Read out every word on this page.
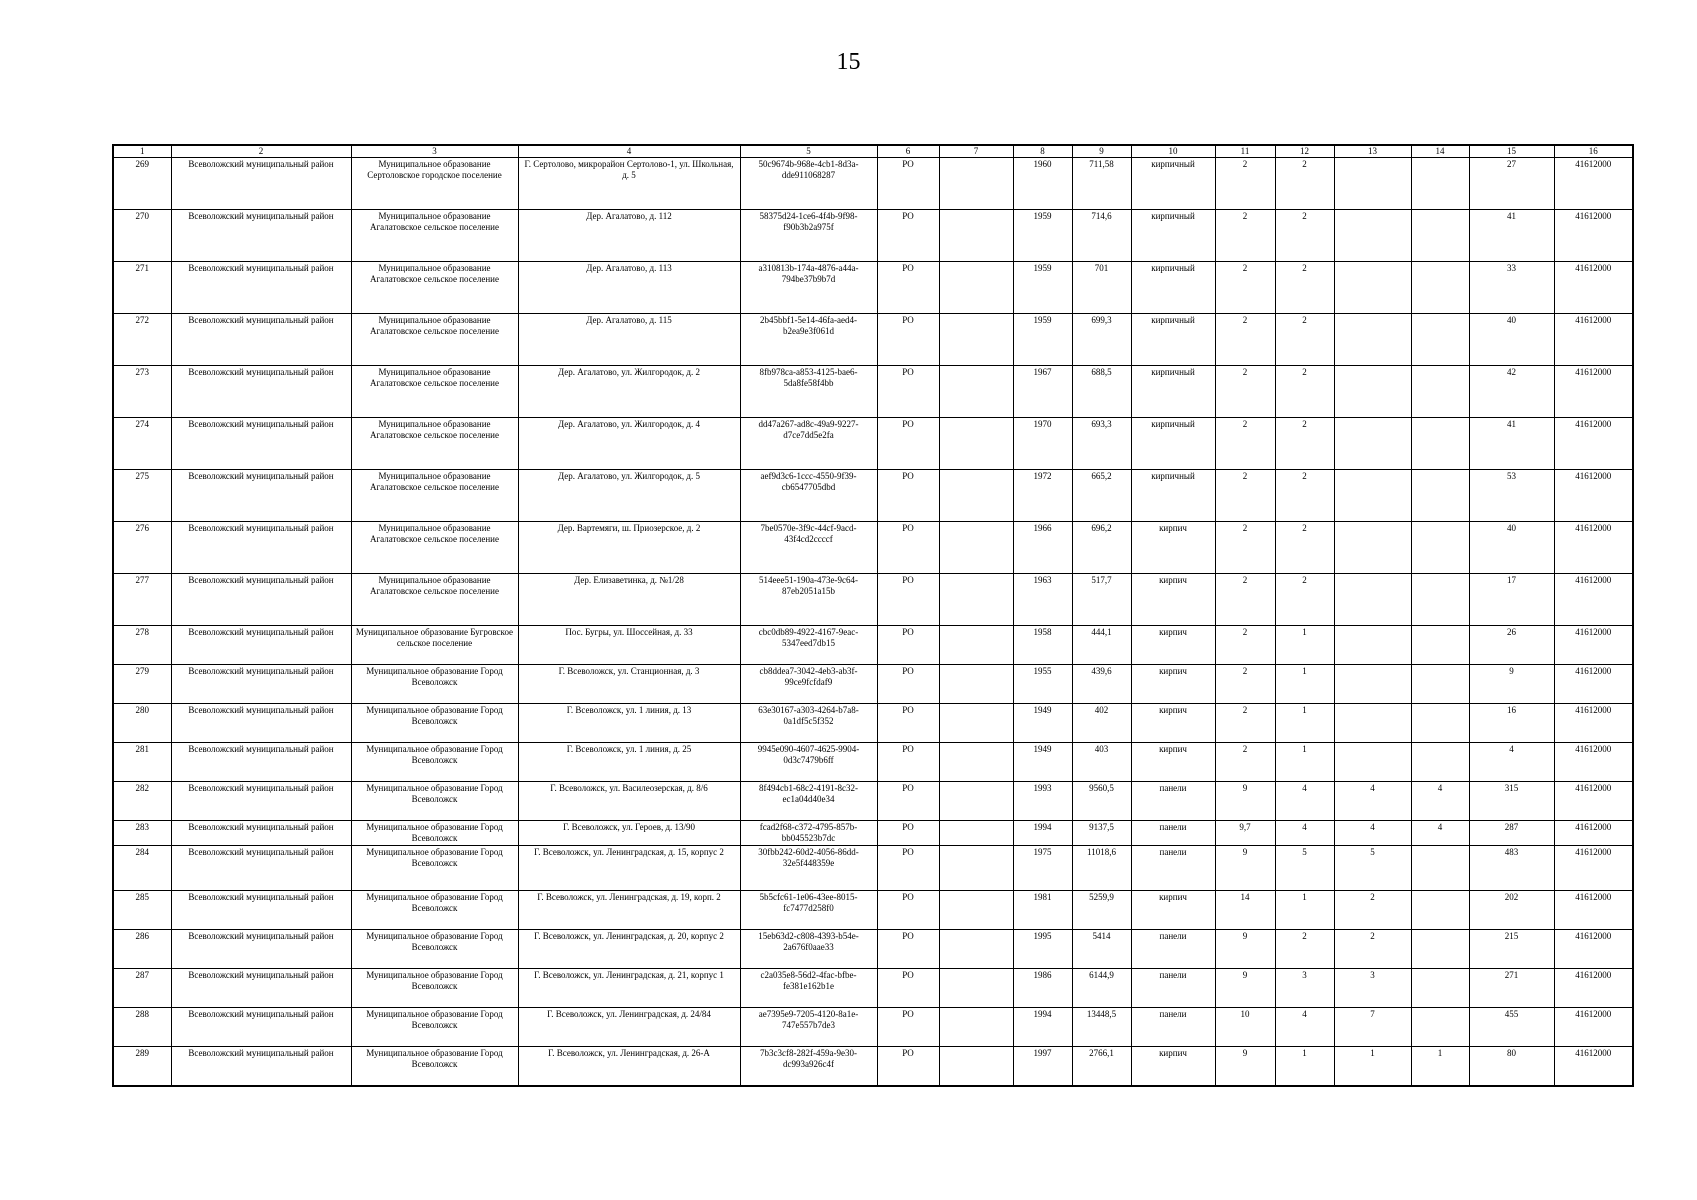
15
1	2	3	4	5	6	7	8	9	10	11	12	13	14	15	16
269	Всеволожский муниципальный район	Муниципальное образование Сертоловское городское поселение	Г. Сертолово, микрорайон Сертолово-1, ул. Школьная, д. 5	50c9674b-968e-4cb1-8d3a-dde911068287	РО		1960	711,58	кирпичный	2	2			27	41612000
270	Всеволожский муниципальный район	Муниципальное образование Агалатовское сельское поселение	Дер. Агалатово, д. 112	58375d24-1ce6-4f4b-9f98-f90b3b2a975f	РО		1959	714,6	кирпичный	2	2			41	41612000
271	Всеволожский муниципальный район	Муниципальное образование Агалатовское сельское поселение	Дер. Агалатово, д. 113	a310813b-174a-4876-a44a-794be37b9b7d	РО		1959	701	кирпичный	2	2			33	41612000
272	Всеволожский муниципальный район	Муниципальное образование Агалатовское сельское поселение	Дер. Агалатово, д. 115	2b45bbf1-5e14-46fa-aed4-b2ea9e3f061d	РО		1959	699,3	кирпичный	2	2			40	41612000
273	Всеволожский муниципальный район	Муниципальное образование Агалатовское сельское поселение	Дер. Агалатово, ул. Жилгородок, д. 2	8fb978ca-a853-4125-bae6-5da8fe58f4bb	РО		1967	688,5	кирпичный	2	2			42	41612000
274	Всеволожский муниципальный район	Муниципальное образование Агалатовское сельское поселение	Дер. Агалатово, ул. Жилгородок, д. 4	dd47a267-ad8c-49a9-9227-d7ce7dd5e2fa	РО		1970	693,3	кирпичный	2	2			41	41612000
275	Всеволожский муниципальный район	Муниципальное образование Агалатовское сельское поселение	Дер. Агалатово, ул. Жилгородок, д. 5	aef9d3c6-1ccc-4550-9f39-cb6547705dbd	РО		1972	665,2	кирпичный	2	2			53	41612000
276	Всеволожский муниципальный район	Муниципальное образование Агалатовское сельское поселение	Дер. Вартемяги, ш. Приозерское, д. 2	7be0570e-3f9c-44cf-9acd-43f4cd2ccccf	РО		1966	696,2	кирпич	2	2			40	41612000
277	Всеволожский муниципальный район	Муниципальное образование Агалатовское сельское поселение	Дер. Елизаветинка, д. №1/28	514eee51-190a-473e-9c64-87eb2051a15b	РО		1963	517,7	кирпич	2	2			17	41612000
278	Всеволожский муниципальный район	Муниципальное образование Бугровское сельское поселение	Пос. Бугры, ул. Шоссейная, д. 33	cbc0db89-4922-4167-9eac-5347eed7db15	РО		1958	444,1	кирпич	2	1			26	41612000
279	Всеволожский муниципальный район	Муниципальное образование Город Всеволожск	Г. Всеволожск, ул. Станционная, д. 3	cb8ddea7-3042-4eb3-ab3f-99ce9fcfdaf9	РО		1955	439,6	кирпич	2	1			9	41612000
280	Всеволожский муниципальный район	Муниципальное образование Город Всеволожск	Г. Всеволожск, ул. 1 линия, д. 13	63e30167-a303-4264-b7a8-0a1df5c5f352	РО		1949	402	кирпич	2	1			16	41612000
281	Всеволожский муниципальный район	Муниципальное образование Город Всеволожск	Г. Всеволожск, ул. 1 линия, д. 25	9945e090-4607-4625-9904-0d3c7479b6ff	РО		1949	403	кирпич	2	1			4	41612000
282	Всеволожский муниципальный район	Муниципальное образование Город Всеволожск	Г. Всеволожск, ул. Василеозерская, д. 8/6	8f494cb1-68c2-4191-8c32-ec1a04d40e34	РО		1993	9560,5	панели	9	4	4	4	315	41612000
283	Всеволожский муниципальный район	Муниципальное образование Город Всеволожск	Г. Всеволожск, ул. Героев, д. 13/90	fcad2f68-c372-4795-857b-bb045523b7dc	РО		1994	9137,5	панели	9,7	4	4	4	287	41612000
284	Всеволожский муниципальный район	Муниципальное образование Город Всеволожск	Г. Всеволожск, ул. Ленинградская, д. 15, корпус 2	30fbb242-60d2-4056-86dd-32e5f448359e	РО		1975	11018,6	панели	9	5	5		483	41612000
285	Всеволожский муниципальный район	Муниципальное образование Город Всеволожск	Г. Всеволожск, ул. Ленинградская, д. 19, корп. 2	5b5cfc61-1e06-43ee-8015-fc7477d258f0	РО		1981	5259,9	кирпич	14	1	2		202	41612000
286	Всеволожский муниципальный район	Муниципальное образование Город Всеволожск	Г. Всеволожск, ул. Ленинградская, д. 20, корпус 2	15eb63d2-c808-4393-b54e-2a676f0aae33	РО		1995	5414	панели	9	2	2		215	41612000
287	Всеволожский муниципальный район	Муниципальное образование Город Всеволожск	Г. Всеволожск, ул. Ленинградская, д. 21, корпус 1	c2a035e8-56d2-4fac-bfbe-fe381e162b1e	РО		1986	6144,9	панели	9	3	3		271	41612000
288	Всеволожский муниципальный район	Муниципальное образование Город Всеволожск	Г. Всеволожск, ул. Ленинградская, д. 24/84	ae7395e9-7205-4120-8a1e-747e557b7de3	РО		1994	13448,5	панели	10	4	7		455	41612000
289	Всеволожский муниципальный район	Муниципальное образование Город Всеволожск	Г. Всеволожск, ул. Ленинградская, д. 26-А	7b3c3cf8-282f-459a-9e30-dc993a926c4f	РО		1997	2766,1	кирпич	9	1	1	1	80	41612000
